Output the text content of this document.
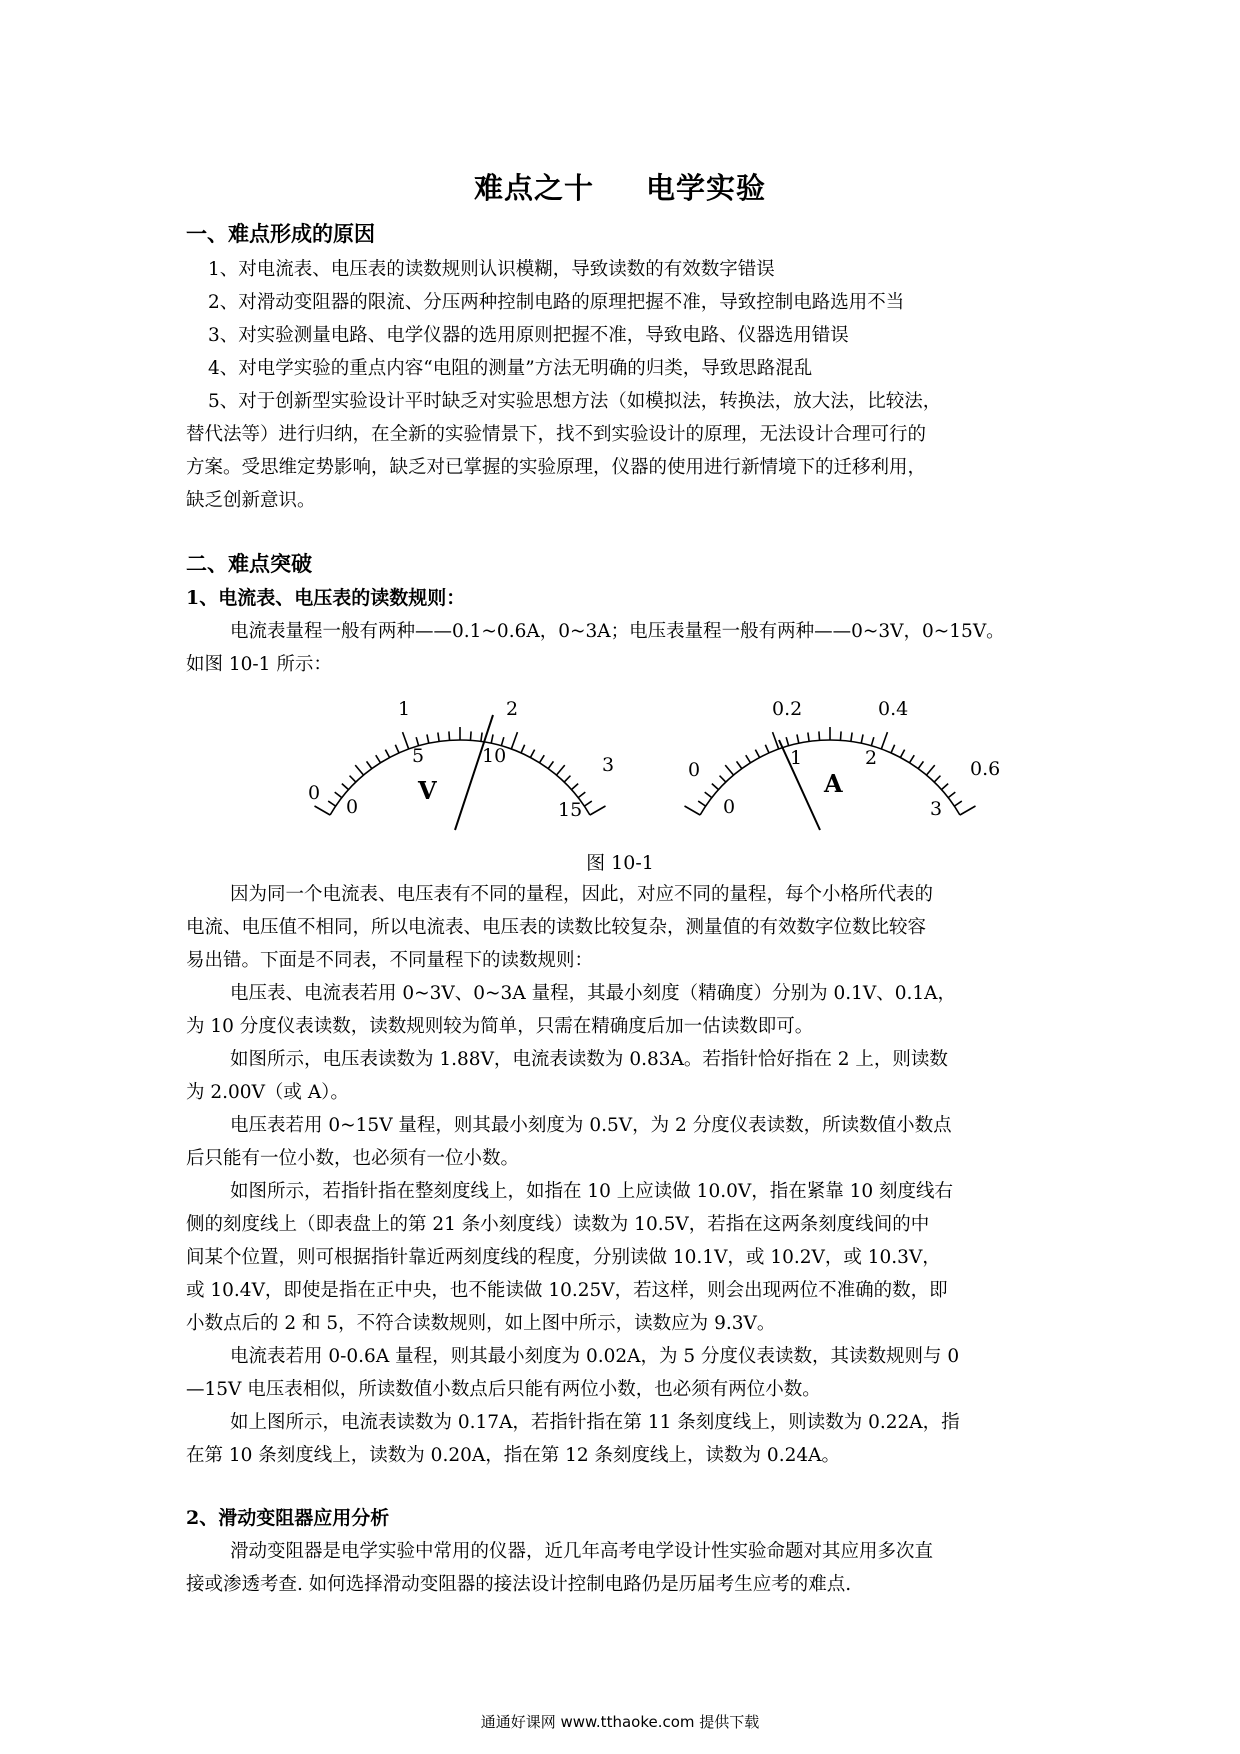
难点之十 电学实验
一、难点形成的原因
1、对电流表、电压表的读数规则认识模糊，导致读数的有效数字错误
2、对滑动变阻器的限流、分压两种控制电路的原理把握不准，导致控制电路选用不当
3、对实验测量电路、电学仪器的选用原则把握不准，导致电路、仪器选用错误
4、对电学实验的重点内容“电阻的测量”方法无明确的归类，导致思路混乱
5、对于创新型实验设计平时缺乏对实验思想方法（如模拟法，转换法，放大法，比较法，
替代法等）进行归纳，在全新的实验情景下，找不到实验设计的原理，无法设计合理可行的
方案。受思维定势影响，缺乏对已掌握的实验原理，仪器的使用进行新情境下的迁移利用，
缺乏创新意识。
二、难点突破
1、电流表、电压表的读数规则：
电流表量程一般有两种——0.1~0.6A，0~3A；电压表量程一般有两种——0~3V，0~15V。
如图 10-1 所示：
0
1	2
3
0
5	10
15
V
0
0.2	0.4
0.6
0
1	2
3
A
图 10-1
因为同一个电流表、电压表有不同的量程，因此，对应不同的量程，每个小格所代表的
电流、电压值不相同，所以电流表、电压表的读数比较复杂，测量值的有效数字位数比较容
易出错。下面是不同表，不同量程下的读数规则：
电压表、电流表若用 0~3V、0~3A 量程，其最小刻度（精确度）分别为 0.1V、0.1A，
为 10 分度仪表读数，读数规则较为简单，只需在精确度后加一估读数即可。
如图所示，电压表读数为 1.88V，电流表读数为 0.83A。若指针恰好指在 2 上，则读数
为 2.00V（或 A）。
电压表若用 0~15V 量程，则其最小刻度为 0.5V，为 2 分度仪表读数，所读数值小数点
后只能有一位小数，也必须有一位小数。
如图所示，若指针指在整刻度线上，如指在 10 上应读做 10.0V，指在紧靠 10 刻度线右
侧的刻度线上（即表盘上的第 21 条小刻度线）读数为 10.5V，若指在这两条刻度线间的中
间某个位置，则可根据指针靠近两刻度线的程度，分别读做 10.1V，或 10.2V，或 10.3V，
或 10.4V，即使是指在正中央，也不能读做 10.25V，若这样，则会出现两位不准确的数，即
小数点后的 2 和 5，不符合读数规则，如上图中所示，读数应为 9.3V。
电流表若用 0-0.6A 量程，则其最小刻度为 0.02A，为 5 分度仪表读数，其读数规则与 0
—15V 电压表相似，所读数值小数点后只能有两位小数，也必须有两位小数。
如上图所示，电流表读数为 0.17A，若指针指在第 11 条刻度线上，则读数为 0.22A，指
在第 10 条刻度线上，读数为 0.20A，指在第 12 条刻度线上，读数为 0.24A。
2、滑动变阻器应用分析
滑动变阻器是电学实验中常用的仪器，近几年高考电学设计性实验命题对其应用多次直
接或渗透考查. 如何选择滑动变阻器的接法设计控制电路仍是历届考生应考的难点.
通通好课网 www.tthaoke.com 提供下载
